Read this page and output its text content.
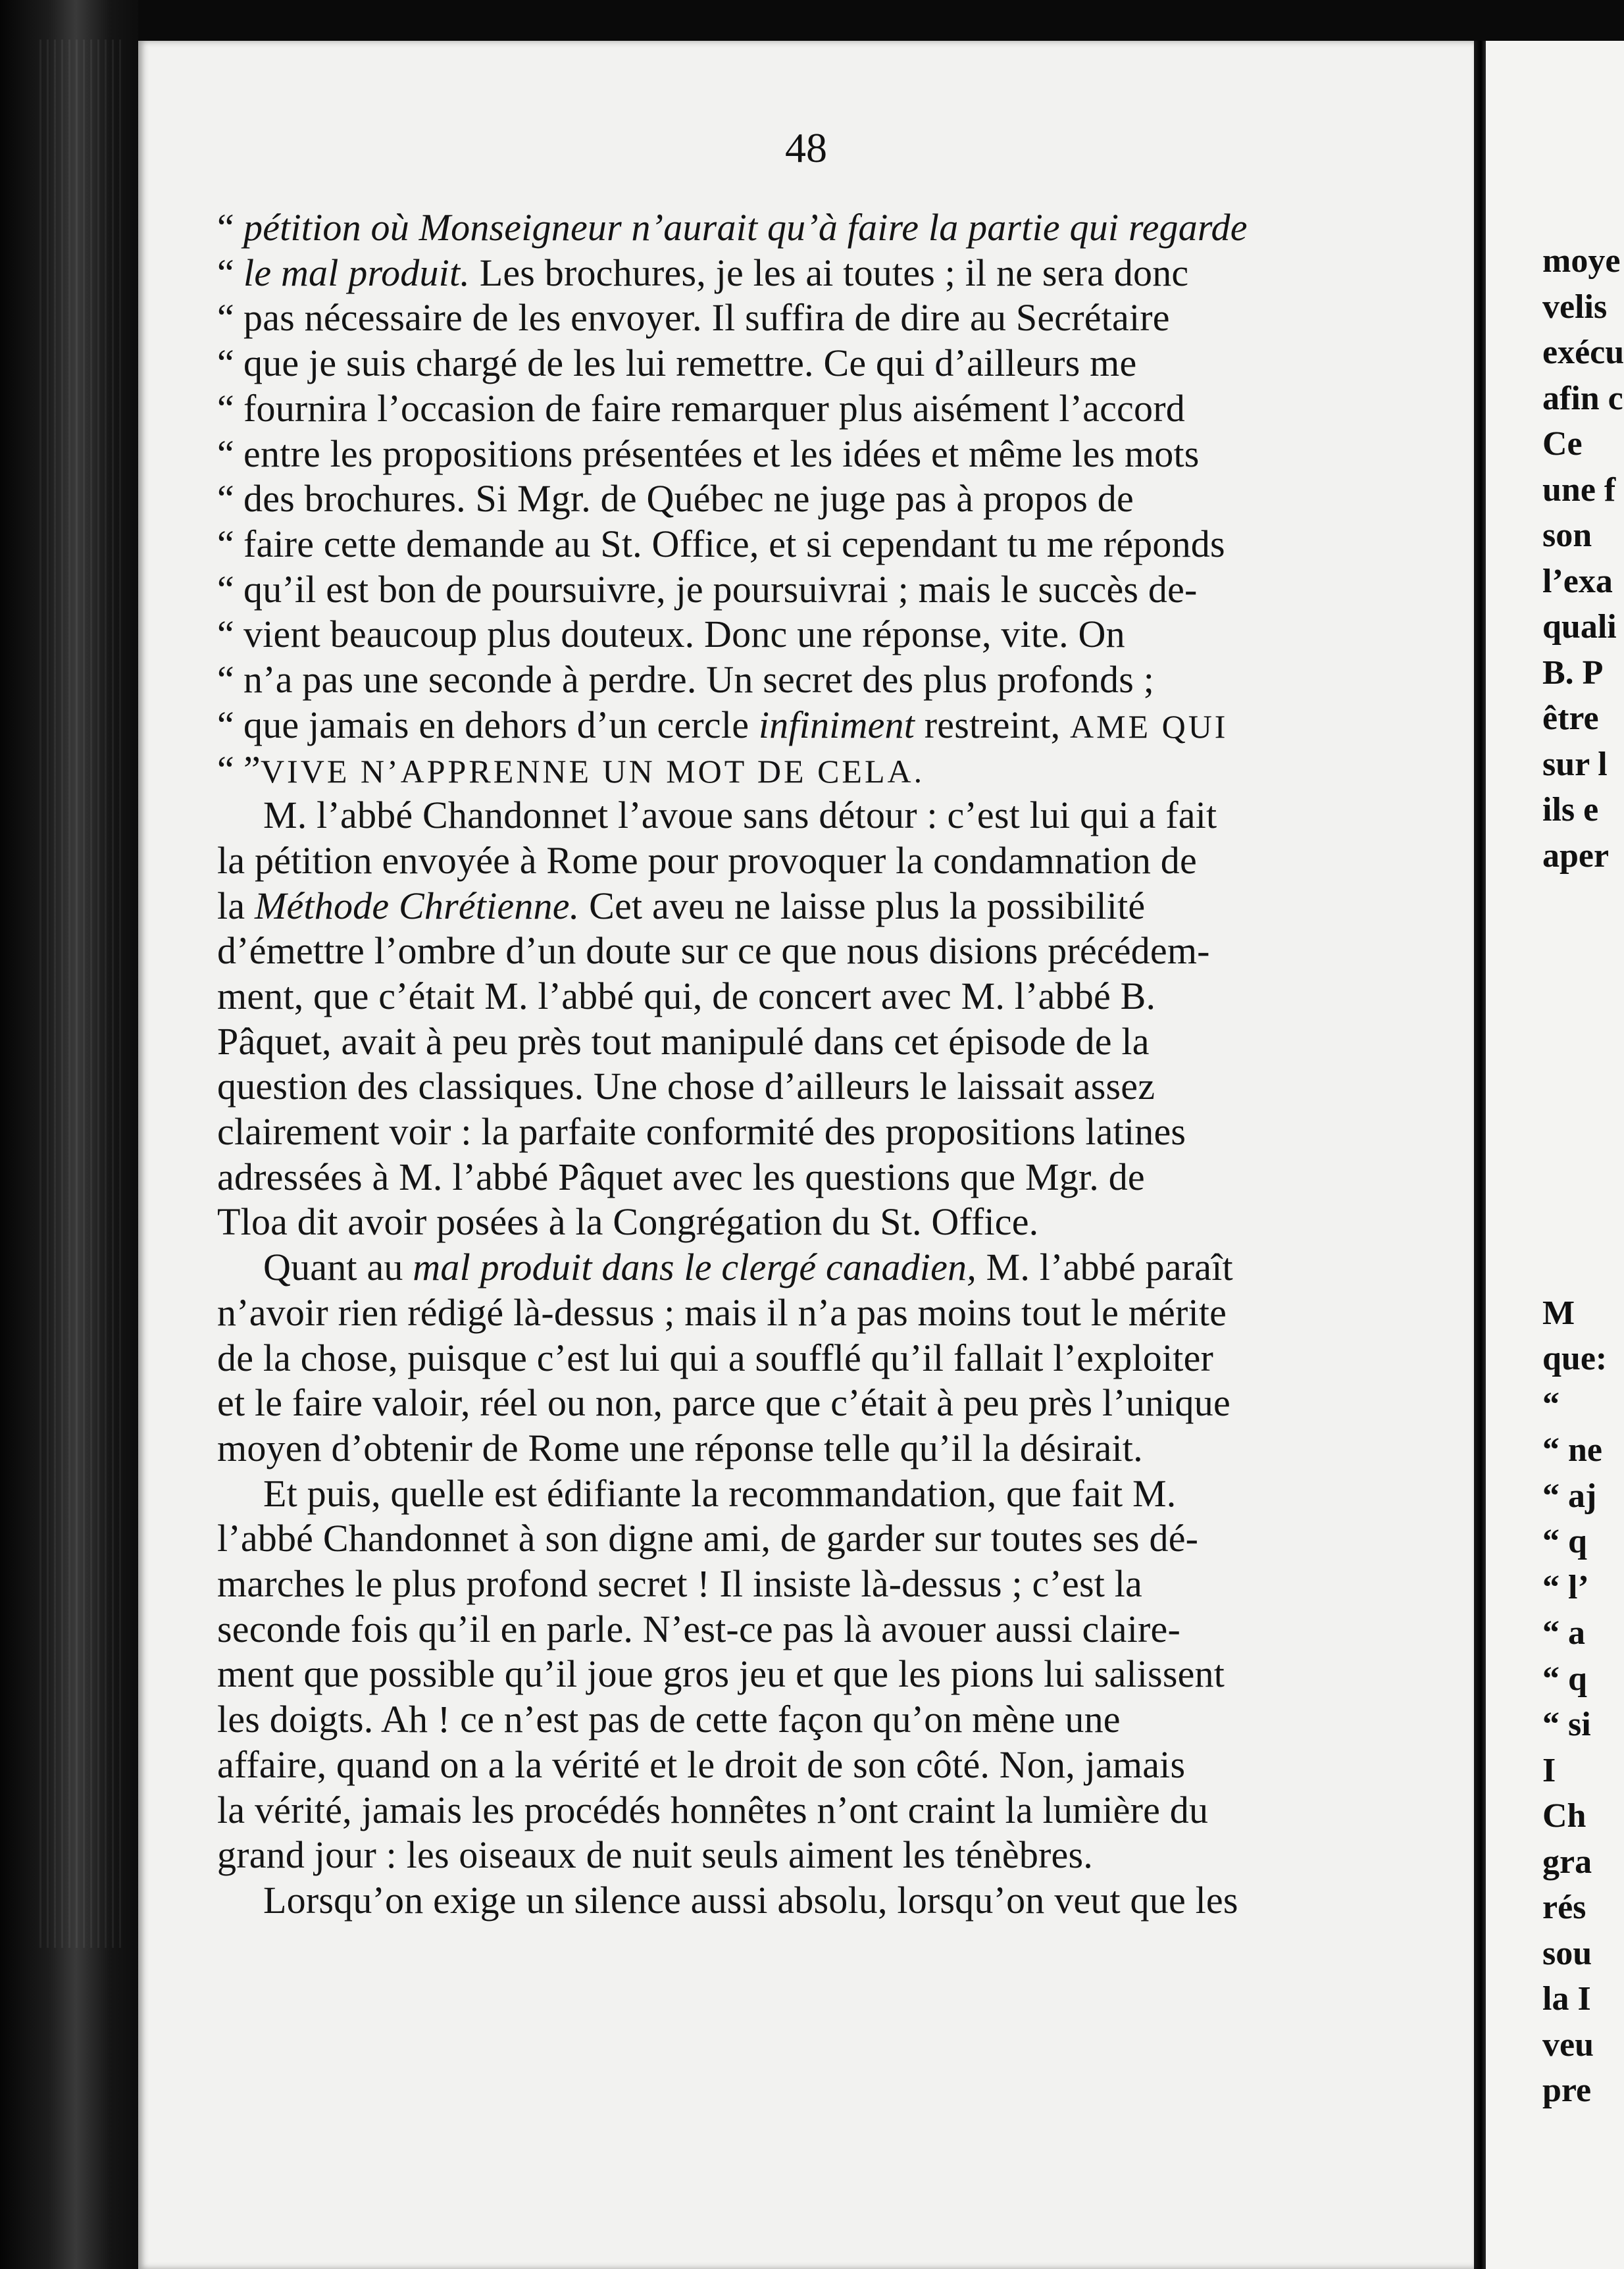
48
“ pétition où Monseigneur n’aurait qu’à faire la partie qui regarde
“ le mal produit. Les brochures, je les ai toutes ; il ne sera donc
“ pas nécessaire de les envoyer. Il suffira de dire au Secrétaire
“ que je suis chargé de les lui remettre. Ce qui d’ailleurs me
“ fournira l’occasion de faire remarquer plus aisément l’accord
“ entre les propositions présentées et les idées et même les mots
“ des brochures. Si Mgr. de Québec ne juge pas à propos de
“ faire cette demande au St. Office, et si cependant tu me réponds
“ qu’il est bon de poursuivre, je poursuivrai ; mais le succès de-
“ vient beaucoup plus douteux. Donc une réponse, vite. On
“ n’a pas une seconde à perdre. Un secret des plus profonds ;
“ que jamais en dehors d’un cercle infiniment restreint, AME QUI
“ ”VIVE N’APPRENNE UN MOT DE CELA.
M. l’abbé Chandonnet l’avoue sans détour : c’est lui qui a fait
la pétition envoyée à Rome pour provoquer la condamnation de
la Méthode Chrétienne. Cet aveu ne laisse plus la possibilité
d’émettre l’ombre d’un doute sur ce que nous disions précédem-
ment, que c’était M. l’abbé qui, de concert avec M. l’abbé B.
Pâquet, avait à peu près tout manipulé dans cet épisode de la
question des classiques. Une chose d’ailleurs le laissait assez
clairement voir : la parfaite conformité des propositions latines
adressées à M. l’abbé Pâquet avec les questions que Mgr. de
Tloa dit avoir posées à la Congrégation du St. Office.
Quant au mal produit dans le clergé canadien, M. l’abbé paraît
n’avoir rien rédigé là-dessus ; mais il n’a pas moins tout le mérite
de la chose, puisque c’est lui qui a soufflé qu’il fallait l’exploiter
et le faire valoir, réel ou non, parce que c’était à peu près l’unique
moyen d’obtenir de Rome une réponse telle qu’il la désirait.
Et puis, quelle est édifiante la recommandation, que fait M.
l’abbé Chandonnet à son digne ami, de garder sur toutes ses dé-
marches le plus profond secret ! Il insiste là-dessus ; c’est la
seconde fois qu’il en parle. N’est-ce pas là avouer aussi claire-
ment que possible qu’il joue gros jeu et que les pions lui salissent
les doigts. Ah ! ce n’est pas de cette façon qu’on mène une
affaire, quand on a la vérité et le droit de son côté. Non, jamais
la vérité, jamais les procédés honnêtes n’ont craint la lumière du
grand jour : les oiseaux de nuit seuls aiment les ténèbres.
Lorsqu’on exige un silence aussi absolu, lorsqu’on veut que les
moye
velis
exécu
afin c
Ce
une f
son
l’exa
quali
B. P
être
sur l
ils e
aper
M
que:
“
“ ne
“ aj
“ q
“ l’
“ a
“ q
“ si
I
Ch
gra
rés
sou
la I
veu
pre
